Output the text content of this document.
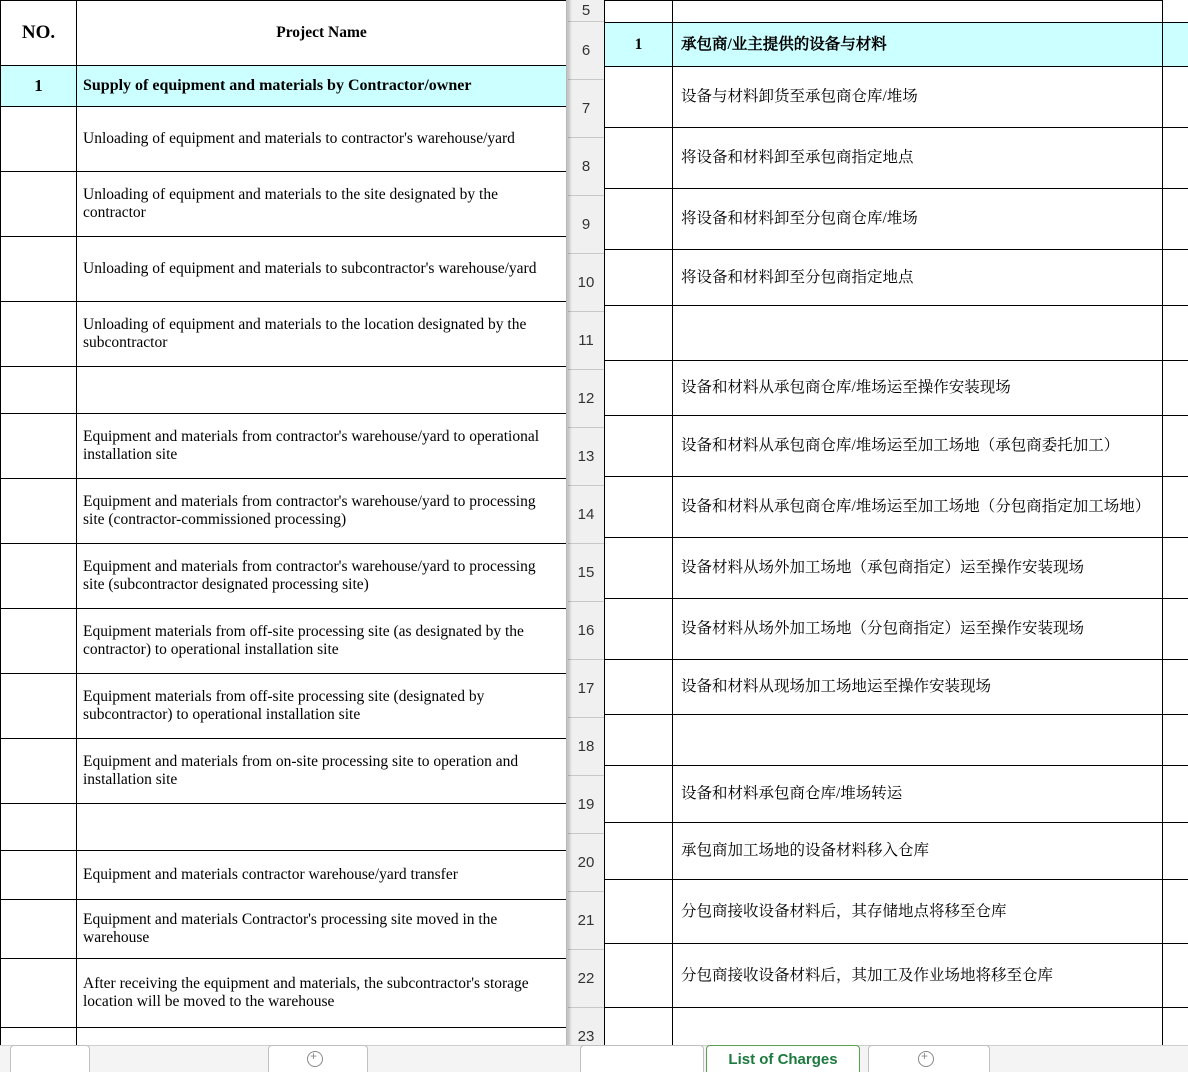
NO.	Project Name
1	Supply of equipment and materials by Contractor/owner
	Unloading of equipment and materials to contractor's warehouse/yard
	Unloading of equipment and materials to the site designated by the contractor
	Unloading of equipment and materials to subcontractor's warehouse/yard
	Unloading of equipment and materials to the location designated by the subcontractor

	Equipment and materials from contractor's warehouse/yard to operational installation site
	Equipment and materials from contractor's warehouse/yard to processing site (contractor-commissioned processing)
	Equipment and materials from contractor's warehouse/yard to processing site (subcontractor designated processing site)
	Equipment materials from off-site processing site (as designated by the contractor) to operational installation site
	Equipment materials from off-site processing site (designated by subcontractor) to operational installation site
	Equipment and materials from on-site processing site to operation and installation site

	Equipment and materials contractor warehouse/yard transfer
	Equipment and materials Contractor's processing site moved in the warehouse
	After receiving the equipment and materials, the subcontractor's storage location will be moved to the warehouse

5
6
7
8
9
10
11
12
13
14
15
16
17
18
19
20
21
22
23

1	承包商/业主提供的设备与材料	
	设备与材料卸货至承包商仓库/堆场	
	将设备和材料卸至承包商指定地点	
	将设备和材料卸至分包商仓库/堆场	
	将设备和材料卸至分包商指定地点	

	设备和材料从承包商仓库/堆场运至操作安装现场	
	设备和材料从承包商仓库/堆场运至加工场地（承包商委托加工）	
	设备和材料从承包商仓库/堆场运至加工场地（分包商指定加工场地）	
	设备材料从场外加工场地（承包商指定）运至操作安装现场	
	设备材料从场外加工场地（分包商指定）运至操作安装现场	
	设备和材料从现场加工场地运至操作安装现场	

	设备和材料承包商仓库/堆场转运	
	承包商加工场地的设备材料移入仓库	
	分包商接收设备材料后，其存储地点将移至仓库	
	分包商接收设备材料后，其加工及作业场地将移至仓库	

+
List of Charges
+
